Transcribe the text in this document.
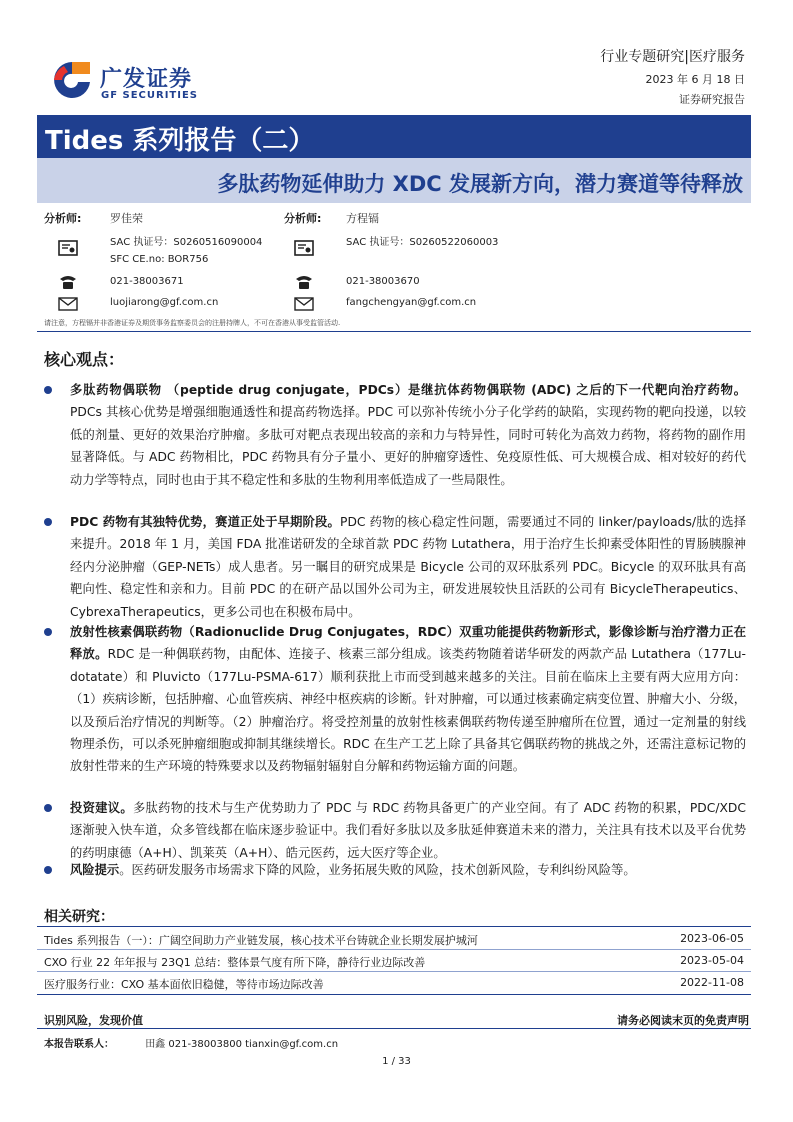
广发证券
GF SECURITIES
行业专题研究|医疗服务
2023 年 6 月 18 日
证券研究报告
Tides 系列报告（二）
多肽药物延伸助力 XDC 发展新方向，潜力赛道等待释放
分析师:	罗佳荣
SAC 执证号：S0260516090004
SFC CE.no: BOR756
021-38003671
luojiarong@gf.com.cn
分析师: 方程镉
SAC 执证号：S0260522060003
021-38003670
fangchengyan@gf.com.cn
请注意，方程镉并非香港证券及期货事务监察委员会的注册持牌人，不可在香港从事受监管活动.
核心观点：
多肽药物偶联物 （peptide drug conjugate，PDCs）是继抗体药物偶联物 (ADC) 之后的下一代靶向治疗药物。PDCs 其核心优势是增强细胞通透性和提高药物选择。PDC 可以弥补传统小分子化学药的缺陷，实现药物的靶向投递，以较低的剂量、更好的效果治疗肿瘤。多肽可对靶点表现出较高的亲和力与特异性，同时可转化为高效力药物，将药物的副作用显著降低。与 ADC 药物相比，PDC 药物具有分子量小、更好的肿瘤穿透性、免疫原性低、可大规模合成、相对较好的药代动力学等特点，同时也由于其不稳定性和多肽的生物利用率低造成了一些局限性。
PDC 药物有其独特优势，赛道正处于早期阶段。PDC 药物的核心稳定性问题，需要通过不同的 linker/payloads/肽的选择来提升。2018 年 1 月，美国 FDA 批准诺研发的全球首款 PDC 药物 Lutathera，用于治疗生长抑素受体阳性的胃肠胰腺神经内分泌肿瘤（GEP-NETs）成人患者。另一瞩目的研究成果是 Bicycle 公司的双环肽系列 PDC。Bicycle 的双环肽具有高靶向性、稳定性和亲和力。目前 PDC 的在研产品以国外公司为主，研发进展较快且活跃的公司有 BicycleTherapeutics、CybrexaTherapeutics，更多公司也在积极布局中。
放射性核素偶联药物（Radionuclide Drug Conjugates，RDC）双重功能提供药物新形式，影像诊断与治疗潜力正在释放。RDC 是一种偶联药物，由配体、连接子、核素三部分组成。该类药物随着诺华研发的两款产品 Lutathera（177Lu-dotatate）和 Pluvicto（177Lu-PSMA-617）顺利获批上市而受到越来越多的关注。目前在临床上主要有两大应用方向：（1）疾病诊断，包括肿瘤、心血管疾病、神经中枢疾病的诊断。针对肿瘤，可以通过核素确定病变位置、肿瘤大小、分级，以及预后治疗情况的判断等。（2）肿瘤治疗。将受控剂量的放射性核素偶联药物传递至肿瘤所在位置，通过一定剂量的射线物理杀伤，可以杀死肿瘤细胞或抑制其继续增长。RDC 在生产工艺上除了具备其它偶联药物的挑战之外，还需注意标记物的放射性带来的生产环境的特殊要求以及药物辐射辐射自分解和药物运输方面的问题。
投资建议。多肽药物的技术与生产优势助力了 PDC 与 RDC 药物具备更广的产业空间。有了 ADC 药物的积累，PDC/XDC 逐渐驶入快车道，众多管线都在临床逐步验证中。我们看好多肽以及多肽延伸赛道未来的潜力，关注具有技术以及平台优势的药明康德（A+H）、凯莱英（A+H）、皓元医药，远大医疗等企业。
风险提示。医药研发服务市场需求下降的风险，业务拓展失败的风险，技术创新风险，专利纠纷风险等。
相关研究：
Tides 系列报告（一）：广阔空间助力产业链发展，核心技术平台铸就企业长期发展护城河	2023-06-05
CXO 行业 22 年年报与 23Q1 总结：整体景气度有所下降，静待行业边际改善	2023-05-04
医疗服务行业：CXO 基本面依旧稳健，等待市场边际改善	2022-11-08
识别风险，发现价值	请务必阅读末页的免责声明
本报告联系人：	田鑫 021-38003800 tianxin@gf.com.cn
1 / 33
